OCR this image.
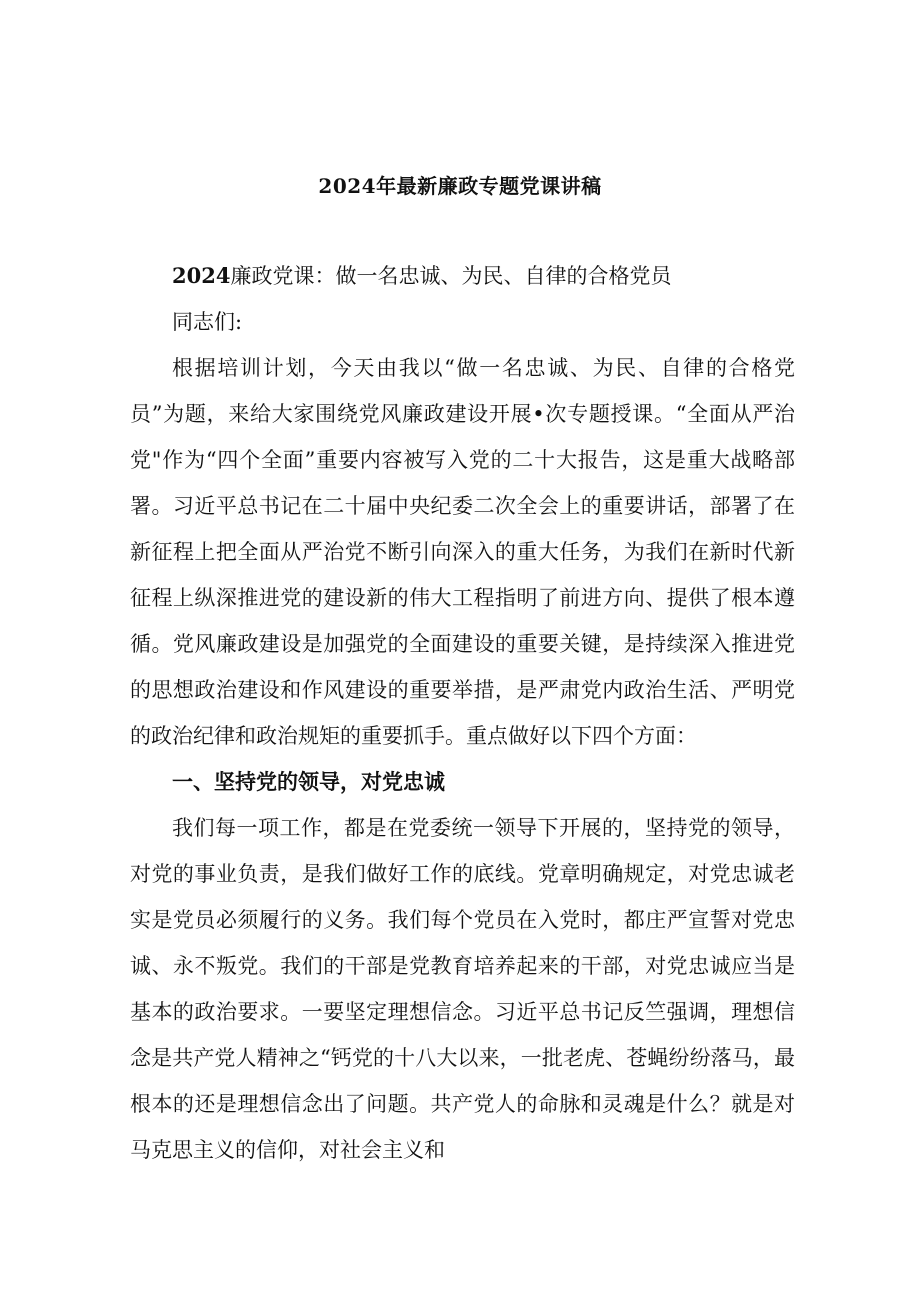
2024年最新廉政专题党课讲稿

2024廉政党课：做一名忠诚、为民、自律的合格党员

同志们:

根据培训计划，今天由我以“做一名忠诚、为民、自律的合格党员”为题，来给大家围绕党风廉政建设开展•次专题授课。“全面从严治党"作为“四个全面”重要内容被写入党的二十大报告，这是重大战略部署。习近平总书记在二十届中央纪委二次全会上的重要讲话，部署了在新征程上把全面从严治党不断引向深入的重大任务，为我们在新时代新征程上纵深推进党的建设新的伟大工程指明了前进方向、提供了根本遵循。党风廉政建设是加强党的全面建设的重要关键，是持续深入推进党的思想政治建设和作风建设的重要举措，是严肃党内政治生活、严明党的政治纪律和政治规矩的重要抓手。重点做好以下四个方面：

一、坚持党的领导，对党忠诚

我们每一项工作，都是在党委统一领导下开展的，坚持党的领导，对党的事业负责，是我们做好工作的底线。党章明确规定，对党忠诚老实是党员必须履行的义务。我们每个党员在入党时，都庄严宣誓对党忠诚、永不叛党。我们的干部是党教育培养起来的干部，对党忠诚应当是基本的政治要求。一要坚定理想信念。习近平总书记反竺强调，理想信念是共产党人精神之“钙党的十八大以来，一批老虎、苍蝇纷纷落马，最根本的还是理想信念出了问题。共产党人的命脉和灵魂是什么？就是对马克思主义的信仰，对社会主义和
